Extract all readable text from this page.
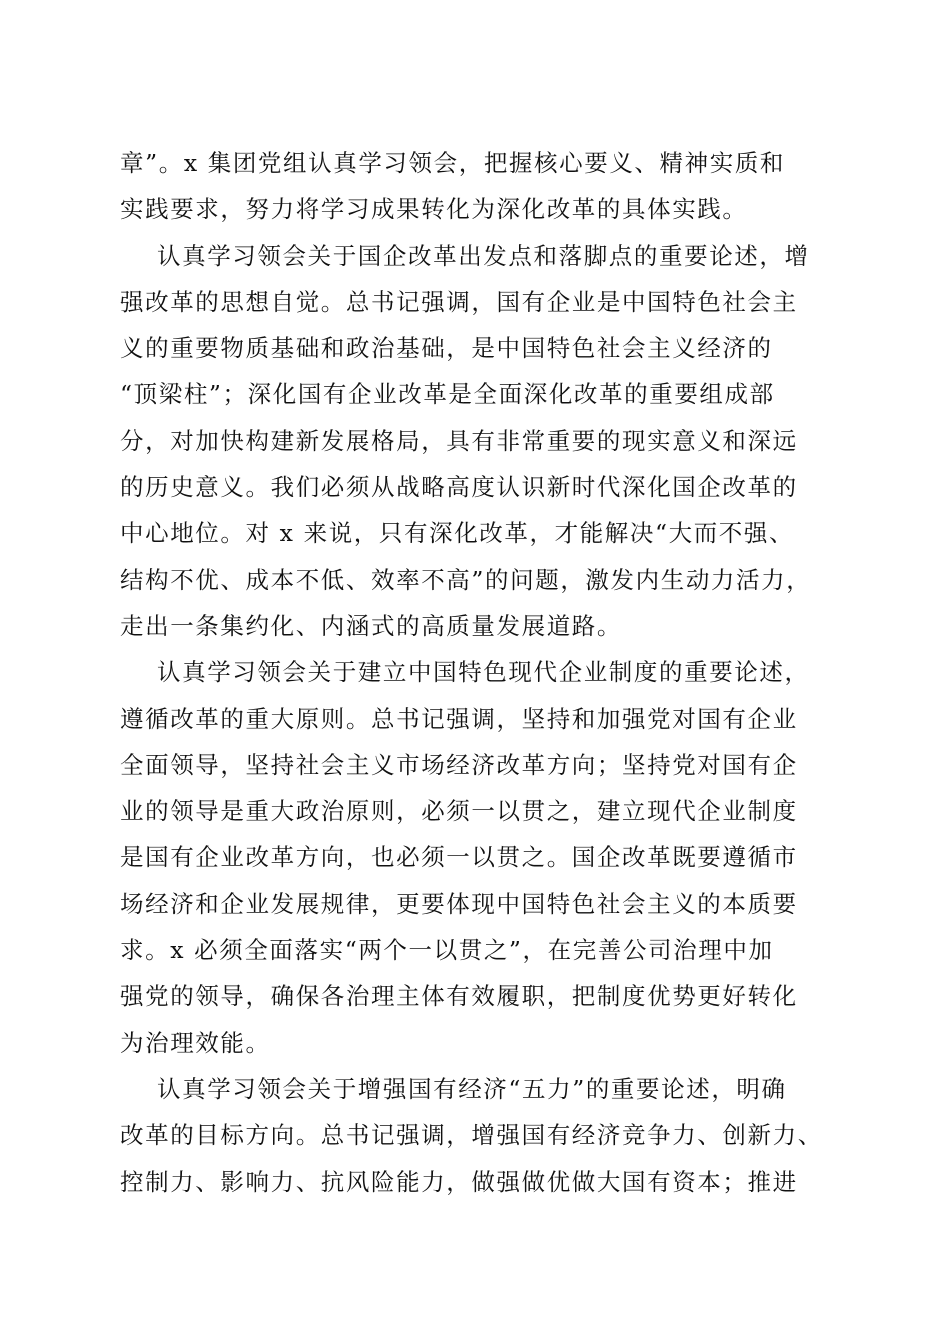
章”。x 集团党组认真学习领会，把握核心要义、精神实质和
实践要求，努力将学习成果转化为深化改革的具体实践。
认真学习领会关于国企改革出发点和落脚点的重要论述，增
强改革的思想自觉。总书记强调，国有企业是中国特色社会主
义的重要物质基础和政治基础，是中国特色社会主义经济的
“顶梁柱”；深化国有企业改革是全面深化改革的重要组成部
分，对加快构建新发展格局，具有非常重要的现实意义和深远
的历史意义。我们必须从战略高度认识新时代深化国企改革的
中心地位。对 x 来说，只有深化改革，才能解决“大而不强、
结构不优、成本不低、效率不高”的问题，激发内生动力活力，
走出一条集约化、内涵式的高质量发展道路。
认真学习领会关于建立中国特色现代企业制度的重要论述，
遵循改革的重大原则。总书记强调，坚持和加强党对国有企业
全面领导，坚持社会主义市场经济改革方向；坚持党对国有企
业的领导是重大政治原则，必须一以贯之，建立现代企业制度
是国有企业改革方向，也必须一以贯之。国企改革既要遵循市
场经济和企业发展规律，更要体现中国特色社会主义的本质要
求。x 必须全面落实“两个一以贯之”，在完善公司治理中加
强党的领导，确保各治理主体有效履职，把制度优势更好转化
为治理效能。
认真学习领会关于增强国有经济“五力”的重要论述，明确
改革的目标方向。总书记强调，增强国有经济竞争力、创新力、
控制力、影响力、抗风险能力，做强做优做大国有资本；推进
